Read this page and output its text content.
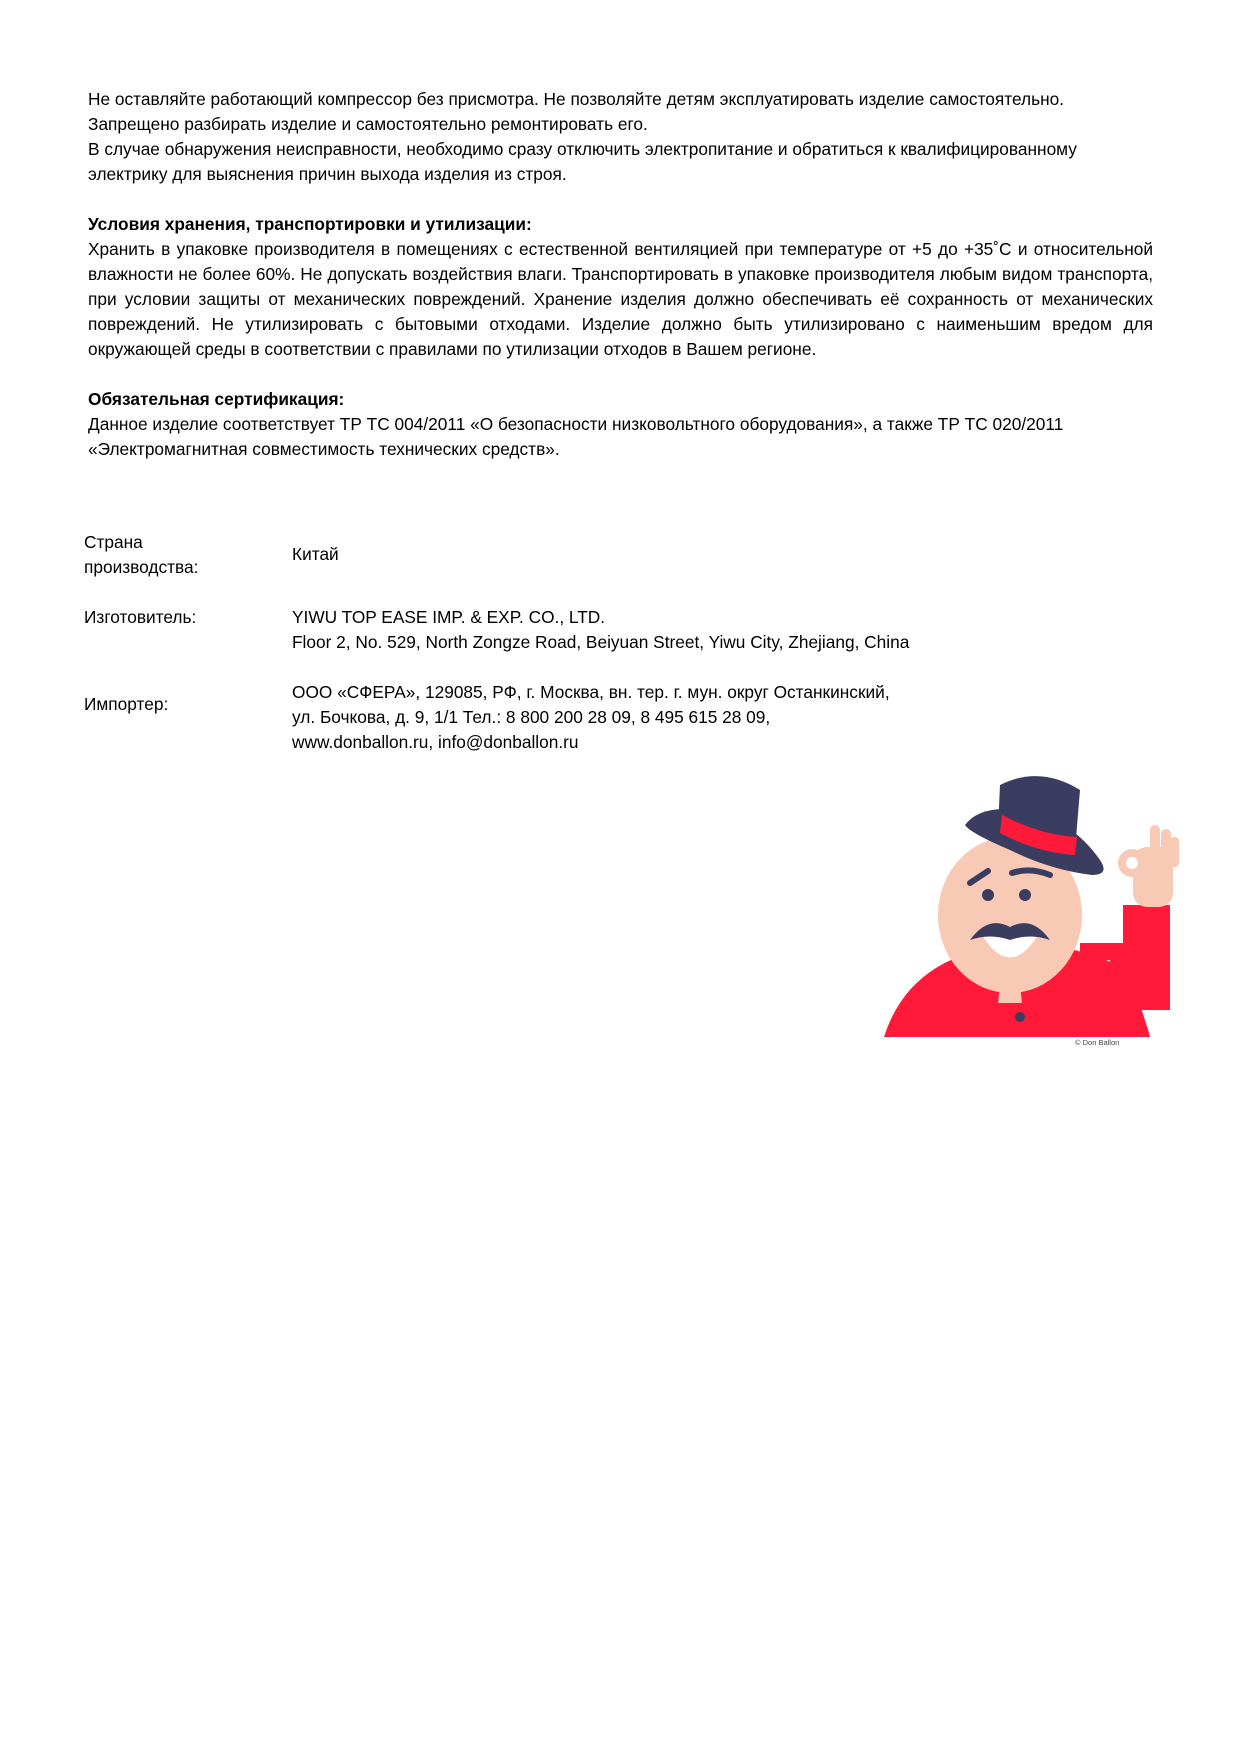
Не оставляйте работающий компрессор без присмотра. Не позволяйте детям эксплуатировать изделие самостоятельно.

Запрещено разбирать изделие и самостоятельно ремонтировать его.

В случае обнаружения неисправности, необходимо сразу отключить электропитание и обратиться к квалифицированному электрику для выяснения причин выхода изделия из строя.

Условия хранения, транспортировки и утилизации:

Хранить в упаковке производителя в помещениях с естественной вентиляцией при температуре от +5 до +35˚С и относительной влажности не более 60%. Не допускать воздействия влаги. Транспортировать в упаковке производителя любым видом транспорта, при условии защиты от механических повреждений. Хранение изделия должно обеспечивать её сохранность от механических повреждений. Не утилизировать с бытовыми отходами. Изделие должно быть утилизировано с наименьшим вредом для окружающей среды в соответствии с правилами по утилизации отходов в Вашем регионе.

Обязательная сертификация:

Данное изделие соответствует ТР ТС 004/2011 «О безопасности низковольтного оборудования», а также ТР ТС 020/2011 «Электромагнитная совместимость технических средств».

Страна
производства:
Китай
Изготовитель:	YIWU TOP EASE IMP. & EXP. CO., LTD.
Floor 2, No. 529, North Zongze Road, Beiyuan Street, Yiwu City, Zhejiang, China
Импортер:
ООО «СФЕРА», 129085, РФ, г. Москва, вн. тер. г. мун. округ Останкинский,
ул. Бочкова, д. 9, 1/1 Тел.: 8 800 200 28 09, 8 495 615 28 09,
www.donballon.ru, info@donballon.ru
© Don Ballon
